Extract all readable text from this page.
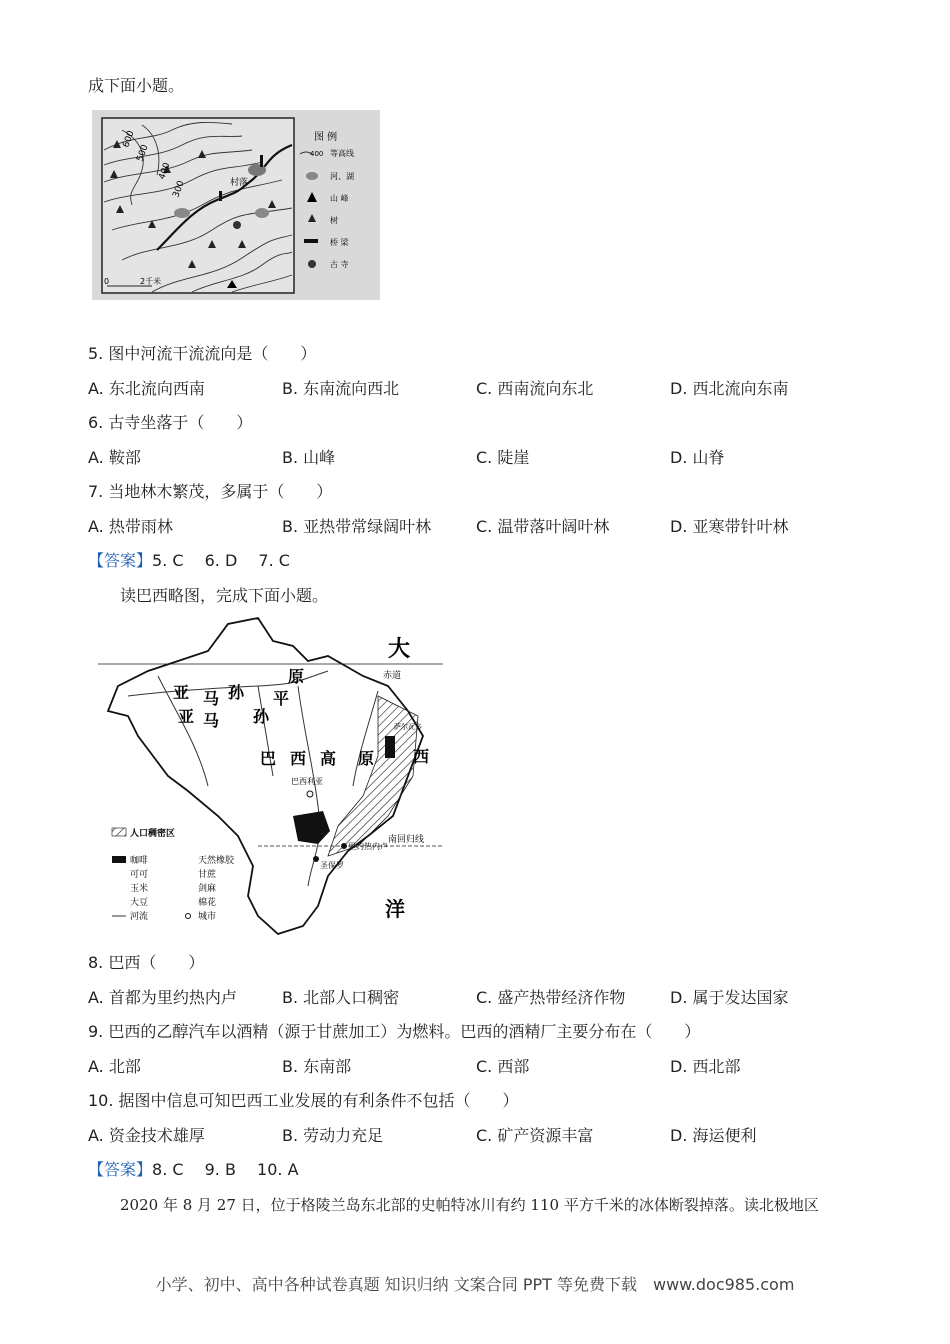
成下面小题。
0	2千米
600
500
400
300	村落
图 例
400 等高线
河、湖
山 峰
树
桥 梁
古 寺
5. 图中河流干流流向是（　　）
A. 东北流向西南	B. 东南流向西北	C. 西南流向东北	D. 西北流向东南
6. 古寺坐落于（　　）
A. 鞍部	B. 山峰	C. 陡崖	D. 山脊
7. 当地林木繁茂，多属于（　　）
A. 热带雨林	B. 亚热带常绿阔叶林	C. 温带落叶阔叶林	D. 亚寒带针叶林
【答案】5. C　 6. D　 7. C
读巴西略图，完成下面小题。
大
赤道
南回归线
亚 马 孙 平
原
亚 马 孙
巴 西 高 原 西
巴西利亚
里约热内卢
圣保罗
萨尔瓦多
洋
人口稠密区
咖啡	天然橡胶
可可	甘蔗
玉米	剑麻
大豆	棉花
河流	城市
8. 巴西（　　）
A. 首都为里约热内卢	B. 北部人口稠密	C. 盛产热带经济作物	D. 属于发达国家
9. 巴西的乙醇汽车以酒精（源于甘蔗加工）为燃料。巴西的酒精厂主要分布在（　　）
A. 北部	B. 东南部	C. 西部	D. 西北部
10. 据图中信息可知巴西工业发展的有利条件不包括（　　）
A. 资金技术雄厚	B. 劳动力充足	C. 矿产资源丰富	D. 海运便利
【答案】8. C　 9. B　 10. A
2020 年 8 月 27 日，位于格陵兰岛东北部的史帕特冰川有约 110 平方千米的冰体断裂掉落。读北极地区
小学、初中、高中各种试卷真题 知识归纳 文案合同 PPT 等免费下载　www.doc985.com
